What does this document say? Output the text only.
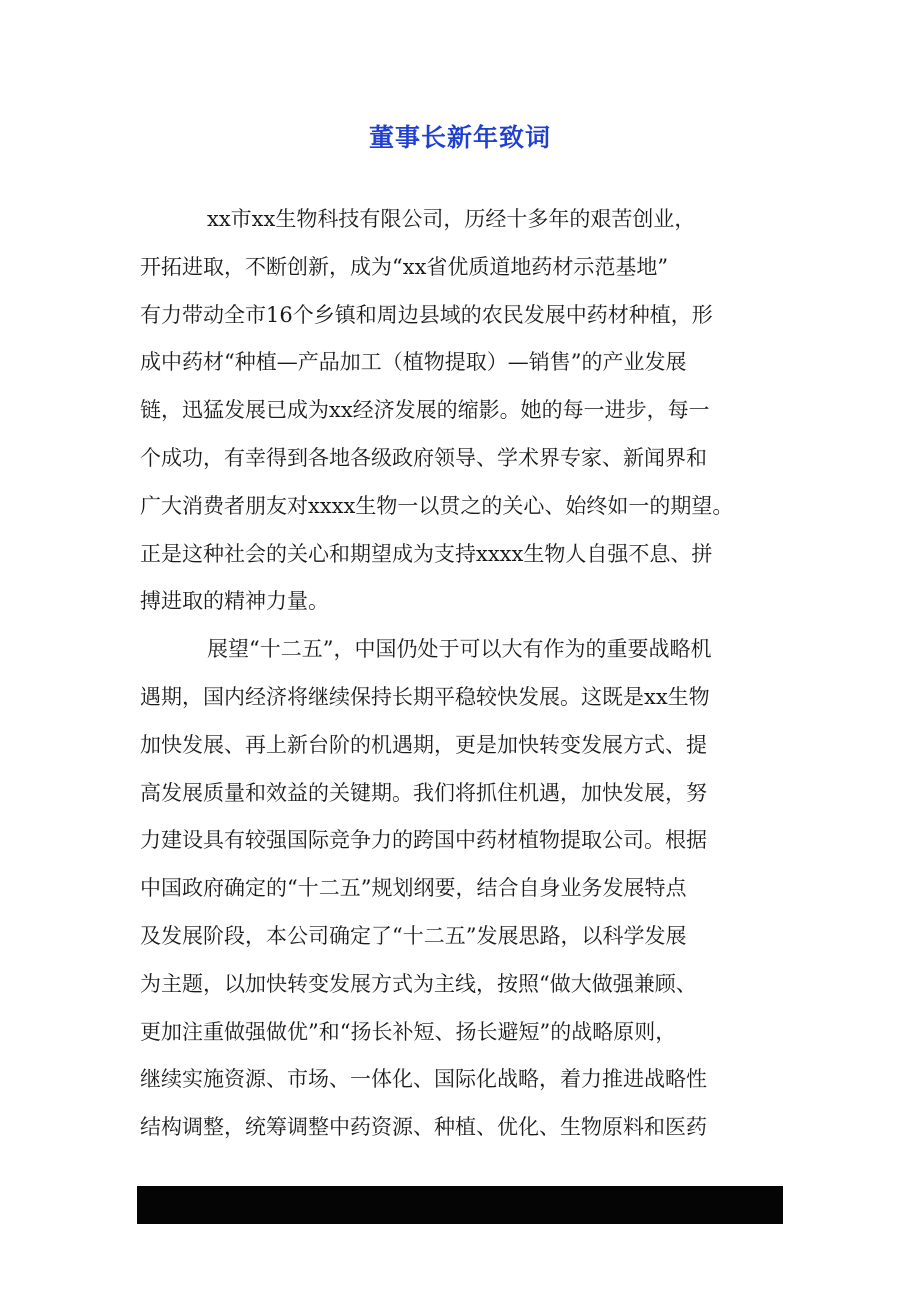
董事长新年致词
xx市xx生物科技有限公司，历经十多年的艰苦创业，
开拓进取，不断创新，成为“xx省优质道地药材示范基地”
有力带动全市16个乡镇和周边县域的农民发展中药材种植，形
成中药材“种植—产品加工（植物提取）—销售”的产业发展
链，迅猛发展已成为xx经济发展的缩影。她的每一进步，每一
个成功，有幸得到各地各级政府领导、学术界专家、新闻界和
广大消费者朋友对xxxx生物一以贯之的关心、始终如一的期望。
正是这种社会的关心和期望成为支持xxxx生物人自强不息、拼
搏进取的精神力量。
展望“十二五”，中国仍处于可以大有作为的重要战略机
遇期，国内经济将继续保持长期平稳较快发展。这既是xx生物
加快发展、再上新台阶的机遇期，更是加快转变发展方式、提
高发展质量和效益的关键期。我们将抓住机遇，加快发展，努
力建设具有较强国际竞争力的跨国中药材植物提取公司。根据
中国政府确定的“十二五”规划纲要，结合自身业务发展特点
及发展阶段，本公司确定了“十二五”发展思路，以科学发展
为主题，以加快转变发展方式为主线，按照“做大做强兼顾、
更加注重做强做优”和“扬长补短、扬长避短”的战略原则，
继续实施资源、市场、一体化、国际化战略，着力推进战略性
结构调整，统筹调整中药资源、种植、优化、生物原料和医药

第 1 页   /   总页数 2  页
